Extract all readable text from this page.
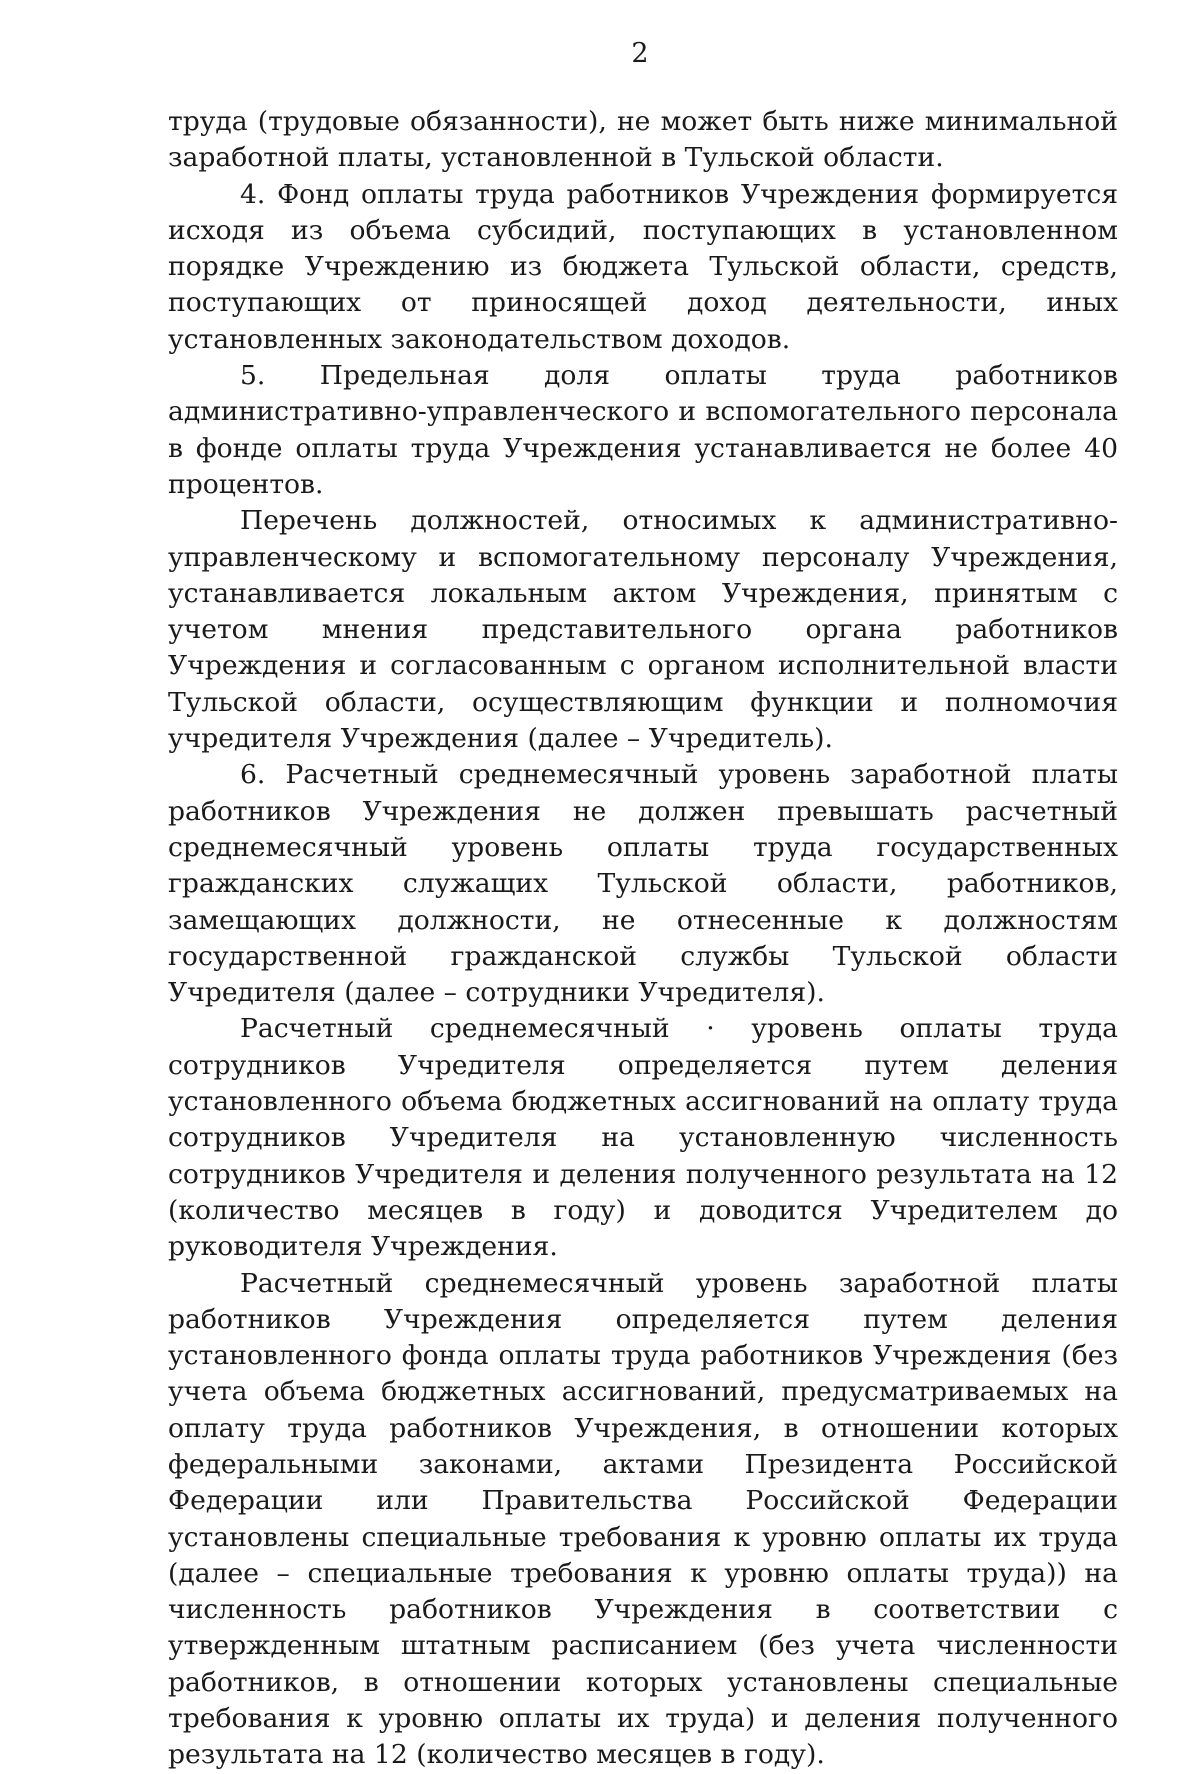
2

труда (трудовые обязанности), не может быть ниже минимальной заработной платы, установленной в Тульской области.

4. Фонд оплаты труда работников Учреждения формируется исходя из объема субсидий, поступающих в установленном порядке Учреждению из бюджета Тульской области, средств, поступающих от приносящей доход деятельности, иных установленных законодательством доходов.

5. Предельная доля оплаты труда работников административно-управленческого и вспомогательного персонала в фонде оплаты труда Учреждения устанавливается не более 40 процентов.

Перечень должностей, относимых к административно-управленческому и вспомогательному персоналу Учреждения, устанавливается локальным актом Учреждения, принятым с учетом мнения представительного органа работников Учреждения и согласованным с органом исполнительной власти Тульской области, осуществляющим функции и полномочия учредителя Учреждения (далее – Учредитель).

6. Расчетный среднемесячный уровень заработной платы работников Учреждения не должен превышать расчетный среднемесячный уровень оплаты труда государственных гражданских служащих Тульской области, работников, замещающих должности, не отнесенные к должностям государственной гражданской службы Тульской области Учредителя (далее – сотрудники Учредителя).

Расчетный среднемесячный · уровень оплаты труда сотрудников Учредителя определяется путем деления установленного объема бюджетных ассигнований на оплату труда сотрудников Учредителя на установленную численность сотрудников Учредителя и деления полученного результата на 12 (количество месяцев в году) и доводится Учредителем до руководителя Учреждения.

Расчетный среднемесячный уровень заработной платы работников Учреждения определяется путем деления установленного фонда оплаты труда работников Учреждения (без учета объема бюджетных ассигнований, предусматриваемых на оплату труда работников Учреждения, в отношении которых федеральными законами, актами Президента Российской Федерации или Правительства Российской Федерации установлены специальные требования к уровню оплаты их труда (далее – специальные требования к уровню оплаты труда)) на численность работников Учреждения в соответствии с утвержденным штатным расписанием (без учета численности работников, в отношении которых установлены специальные требования к уровню оплаты их труда) и деления полученного результата на 12 (количество месяцев в году).
